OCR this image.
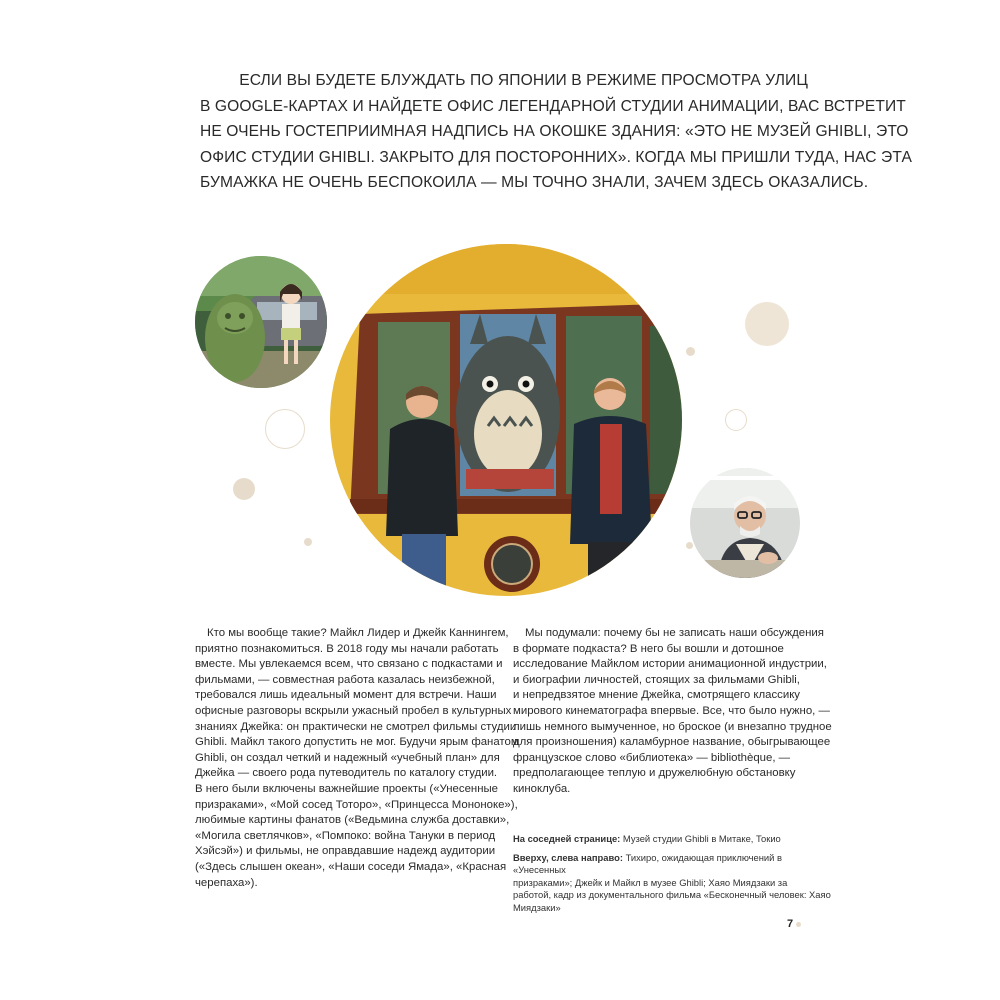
ЕСЛИ ВЫ БУДЕТЕ БЛУЖДАТЬ ПО ЯПОНИИ В РЕЖИМЕ ПРОСМОТРА УЛИЦ
В GOOGLE-КАРТАХ И НАЙДЕТЕ ОФИС ЛЕГЕНДАРНОЙ СТУДИИ АНИМАЦИИ, ВАС ВСТРЕТИТ
НЕ ОЧЕНЬ ГОСТЕПРИИМНАЯ НАДПИСЬ НА ОКОШКЕ ЗДАНИЯ: «ЭТО НЕ МУЗЕЙ GHIBLI, ЭТО
ОФИС СТУДИИ GHIBLI. ЗАКРЫТО ДЛЯ ПОСТОРОННИХ». КОГДА МЫ ПРИШЛИ ТУДА, НАС ЭТА
БУМАЖКА НЕ ОЧЕНЬ БЕСПОКОИЛА — МЫ ТОЧНО ЗНАЛИ, ЗАЧЕМ ЗДЕСЬ ОКАЗАЛИСЬ.
Кто мы вообще такие? Майкл Лидер и Джейк Каннингем,
приятно познакомиться. В 2018 году мы начали работать
вместе. Мы увлекаемся всем, что связано с подкастами и
фильмами, — совместная работа казалась неизбежной,
требовался лишь идеальный момент для встречи. Наши
офисные разговоры вскрыли ужасный пробел в культурных
знаниях Джейка: он практически не смотрел фильмы студии
Ghibli. Майкл такого допустить не мог. Будучи ярым фанатом
Ghibli, он создал четкий и надежный «учебный план» для
Джейка — своего рода путеводитель по каталогу студии.
В него были включены важнейшие проекты («Унесенные
призраками», «Мой сосед Тоторо», «Принцесса Мононоке»),
любимые картины фанатов («Ведьмина служба доставки»,
«Могила светлячков», «Помпоко: война Тануки в период
Хэйсэй») и фильмы, не оправдавшие надежд аудитории
(«Здесь слышен океан», «Наши соседи Ямада», «Красная
черепаха»).
Мы подумали: почему бы не записать наши обсуждения
в формате подкаста? В него бы вошли и дотошное
исследование Майклом истории анимационной индустрии,
и биографии личностей, стоящих за фильмами Ghibli,
и непредвзятое мнение Джейка, смотрящего классику
мирового кинематографа впервые. Все, что было нужно, —
лишь немного вымученное, но броское (и внезапно трудное
для произношения) каламбурное название, обыгрывающее
французское слово «библиотека» — bibliothèque, —
предполагающее теплую и дружелюбную обстановку
киноклуба.

На соседней странице: Музей студии Ghibli в Митаке, Токио

Вверху, слева направо: Тихиро, ожидающая приключений в «Унесенных
призраками»; Джейк и Майкл в музее Ghibli; Хаяо Миядзаки за
работой, кадр из документального фильма «Бесконечный человек: Хаяо
Миядзаки»

7
